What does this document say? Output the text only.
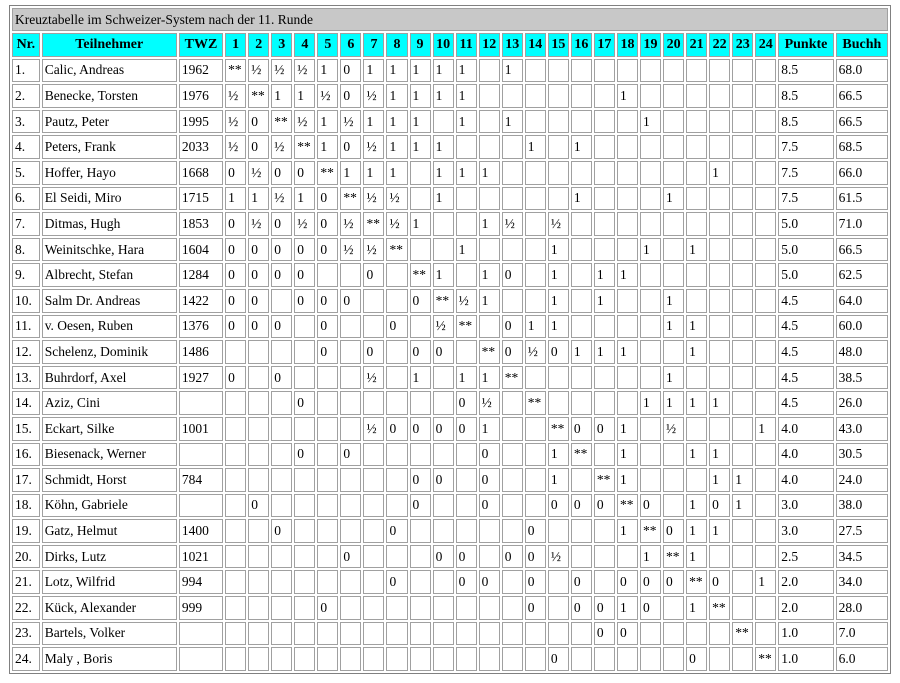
Kreuztabelle im Schweizer-System nach der 11. Runde																												
Nr.	Teilnehmer	TWZ	1	2	3	4	5	6	7	8	9	10	11	12	13	14	15	16	17	18	19	20	21	22	23	24	Punkte	Buchh
1.	Calic, Andreas	1962	**	½	½	½	1	0	1	1	1	1	1		1												8.5	68.0
2.	Benecke, Torsten	1976	½	**	1	1	½	0	½	1	1	1	1							1							8.5	66.5
3.	Pautz, Peter	1995	½	0	**	½	1	½	1	1	1		1		1						1						8.5	66.5
4.	Peters, Frank	2033	½	0	½	**	1	0	½	1	1	1				1		1									7.5	68.5
5.	Hoffer, Hayo	1668	0	½	0	0	**	1	1	1		1	1	1										1			7.5	66.0
6.	El Seidi, Miro	1715	1	1	½	1	0	**	½	½		1						1				1					7.5	61.5
7.	Ditmas, Hugh	1853	0	½	0	½	0	½	**	½	1			1	½		½										5.0	71.0
8.	Weinitschke, Hara	1604	0	0	0	0	0	½	½	**			1				1				1		1				5.0	66.5
9.	Albrecht, Stefan	1284	0	0	0	0			0		**	1		1	0		1		1	1							5.0	62.5
10.	Salm Dr. Andreas	1422	0	0		0	0	0			0	**	½	1			1		1			1					4.5	64.0
11.	v. Oesen, Ruben	1376	0	0	0		0			0		½	**		0	1	1					1	1				4.5	60.0
12.	Schelenz, Dominik	1486					0		0		0	0		**	0	½	0	1	1	1			1				4.5	48.0
13.	Buhrdorf, Axel	1927	0		0				½		1		1	1	**							1					4.5	38.5
14.	Aziz, Cini					0							0	½		**					1	1	1	1			4.5	26.0
15.	Eckart, Silke	1001							½	0	0	0	0	1			**	0	0	1		½				1	4.0	43.0
16.	Biesenack, Werner					0		0						0			1	**		1			1	1			4.0	30.5
17.	Schmidt, Horst	784									0	0		0			1		**	1				1	1		4.0	24.0
18.	Köhn, Gabriele			0							0			0			0	0	0	**	0		1	0	1		3.0	38.0
19.	Gatz, Helmut	1400			0					0						0				1	**	0	1	1			3.0	27.5
20.	Dirks, Lutz	1021						0				0	0		0	0	½				1	**	1				2.5	34.5
21.	Lotz, Wilfrid	994								0			0	0		0		0		0	0	0	**	0		1	2.0	34.0
22.	Kück, Alexander	999					0									0		0	0	1	0		1	**			2.0	28.0
23.	Bartels, Volker																		0	0					**		1.0	7.0
24.	Maly , Boris																0						0			**	1.0	6.0
